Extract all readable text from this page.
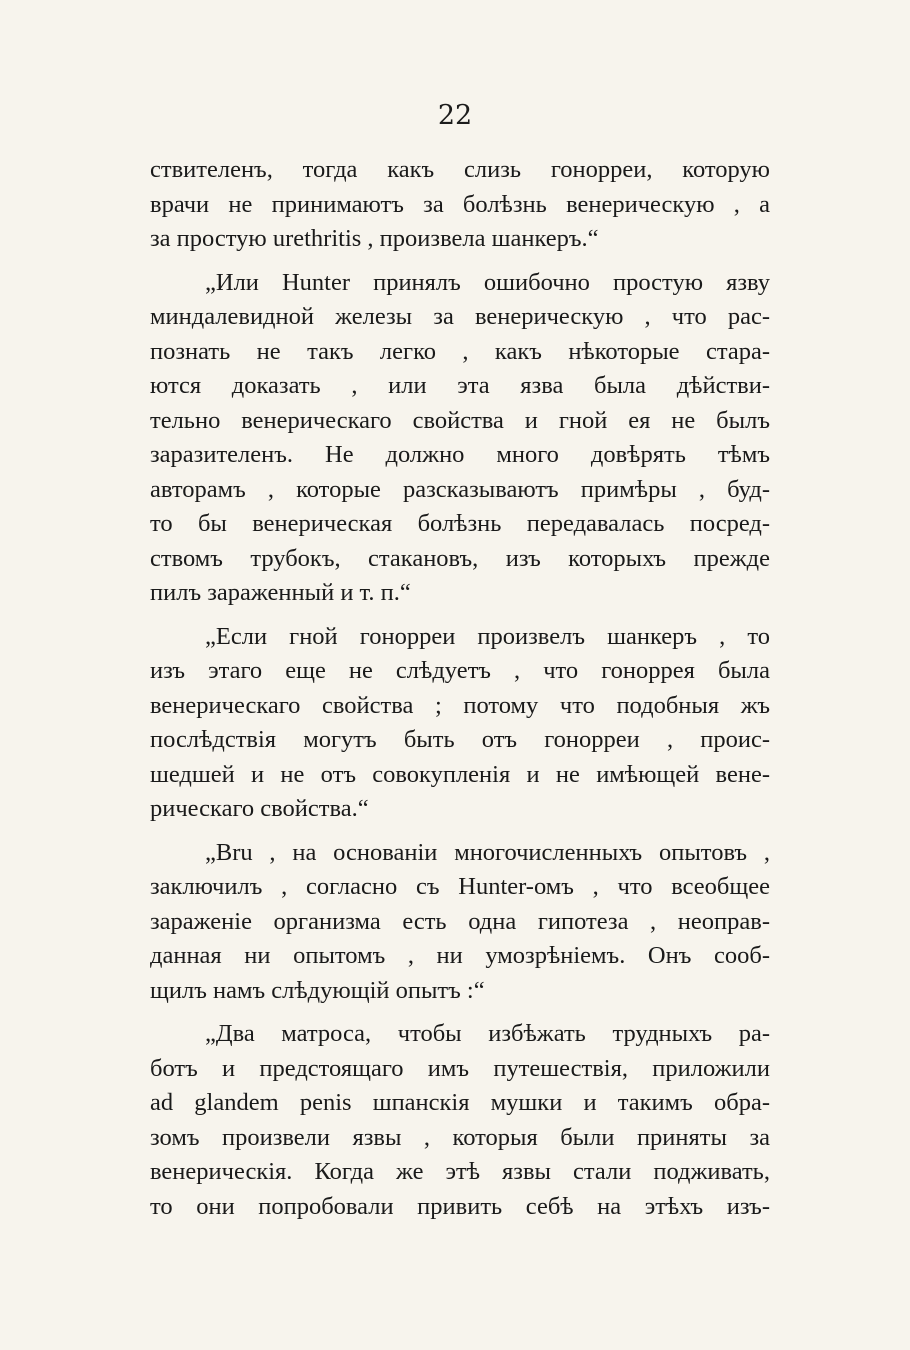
22
ствителенъ, тогда какъ слизь гонорреи, которую
врачи не принимаютъ за болѣзнь венерическую , а
за простую urethritis , произвела шанкеръ.“
„Или Hunter принялъ ошибочно простую язву
миндалевидной железы за венерическую , что рас-
познать не такъ легко , какъ нѣкоторые стара-
ются доказать , или эта язва была дѣйстви-
тельно венерическаго свойства и гной ея не былъ
заразителенъ. Не должно много довѣрять тѣмъ
авторамъ , которые разсказываютъ примѣры , буд-
то бы венерическая болѣзнь передавалась посред-
ствомъ трубокъ, стакановъ, изъ которыхъ прежде
пилъ зараженный и т. п.“
„Если гной гонорреи произвелъ шанкеръ , то
изъ этаго еще не слѣдуетъ , что гоноррея была
венерическаго свойства ; потому что подобныя жъ
послѣдствія могутъ быть отъ гонорреи , проис-
шедшей и не отъ совокупленія и не имѣющей вене-
рическаго свойства.“
„Bru , на основаніи многочисленныхъ опытовъ ,
заключилъ , согласно съ Hunter-омъ , что всеобщее
зараженіе организма есть одна гипотеза , неоправ-
данная ни опытомъ , ни умозрѣніемъ. Онъ сооб-
щилъ намъ слѣдующій опытъ :“
„Два матроса, чтобы избѣжать трудныхъ ра-
ботъ и предстоящаго имъ путешествія, приложили
ad glandem penis шпанскія мушки и такимъ обра-
зомъ произвели язвы , которыя были приняты за
венерическія. Когда же этѣ язвы стали подживать,
то они попробовали привить себѣ на этѣхъ изъ-
